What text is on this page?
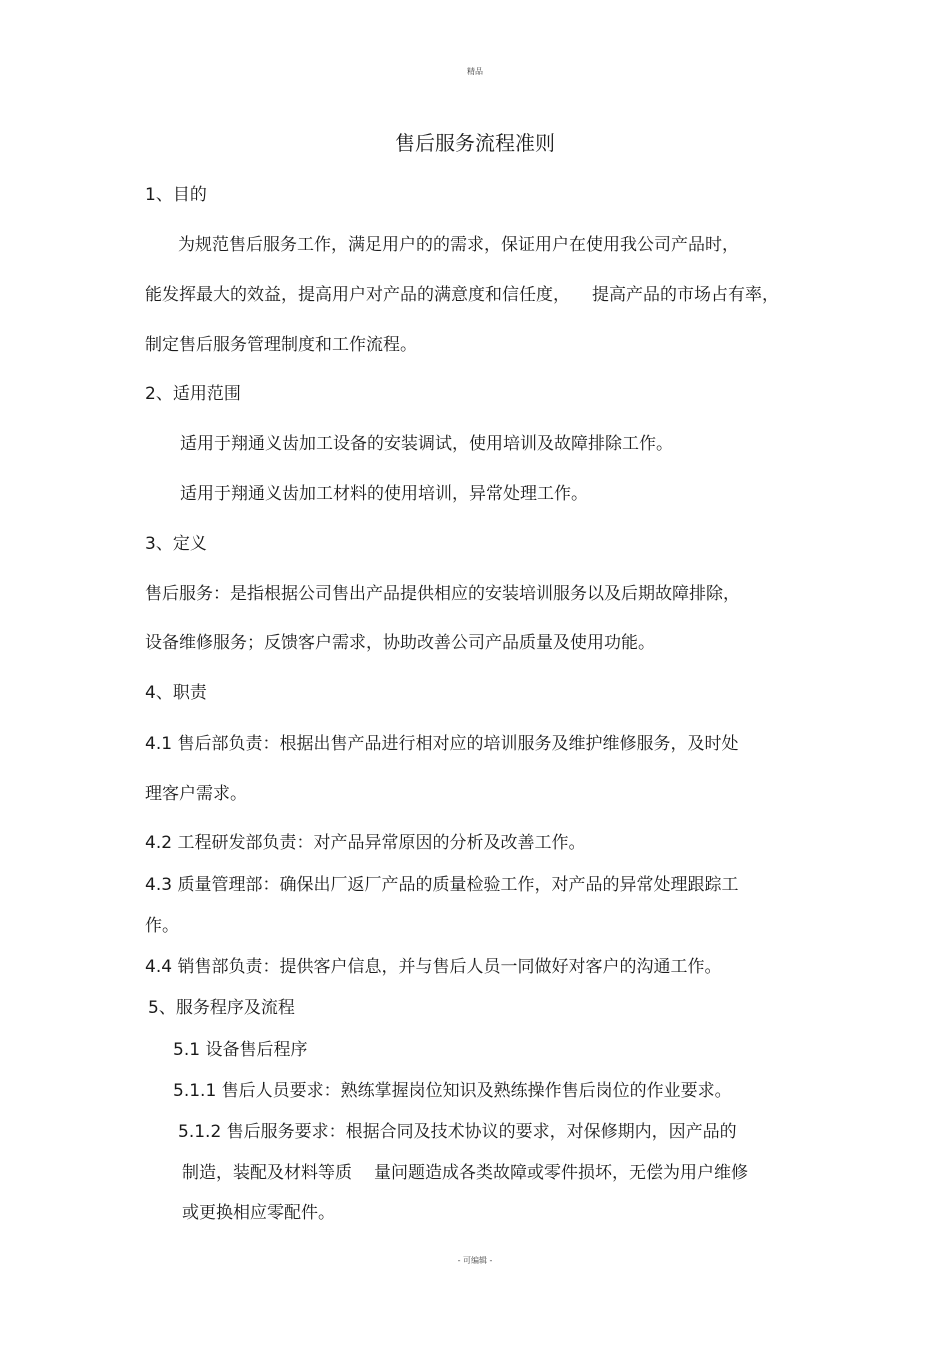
精品
售后服务流程准则

1、目的

为规范售后服务工作，满足用户的的需求，保证用户在使用我公司产品时，

能发挥最大的效益，提高用户对产品的满意度和信任度， 提高产品的市场占有率，

制定售后服务管理制度和工作流程。

2、适用范围

适用于翔通义齿加工设备的安装调试，使用培训及故障排除工作。

适用于翔通义齿加工材料的使用培训，异常处理工作。

3、定义

售后服务：是指根据公司售出产品提供相应的安装培训服务以及后期故障排除，

设备维修服务；反馈客户需求，协助改善公司产品质量及使用功能。

4、职责

4.1 售后部负责：根据出售产品进行相对应的培训服务及维护维修服务，及时处

理客户需求。

4.2 工程研发部负责：对产品异常原因的分析及改善工作。

4.3 质量管理部：确保出厂返厂产品的质量检验工作，对产品的异常处理跟踪工

作。

4.4 销售部负责：提供客户信息，并与售后人员一同做好对客户的沟通工作。

5、服务程序及流程

5.1 设备售后程序

5.1.1 售后人员要求：熟练掌握岗位知识及熟练操作售后岗位的作业要求。

5.1.2 售后服务要求：根据合同及技术协议的要求，对保修期内，因产品的

制造，装配及材料等质 量问题造成各类故障或零件损坏，无偿为用户维修

或更换相应零配件。

- 可编辑 -
